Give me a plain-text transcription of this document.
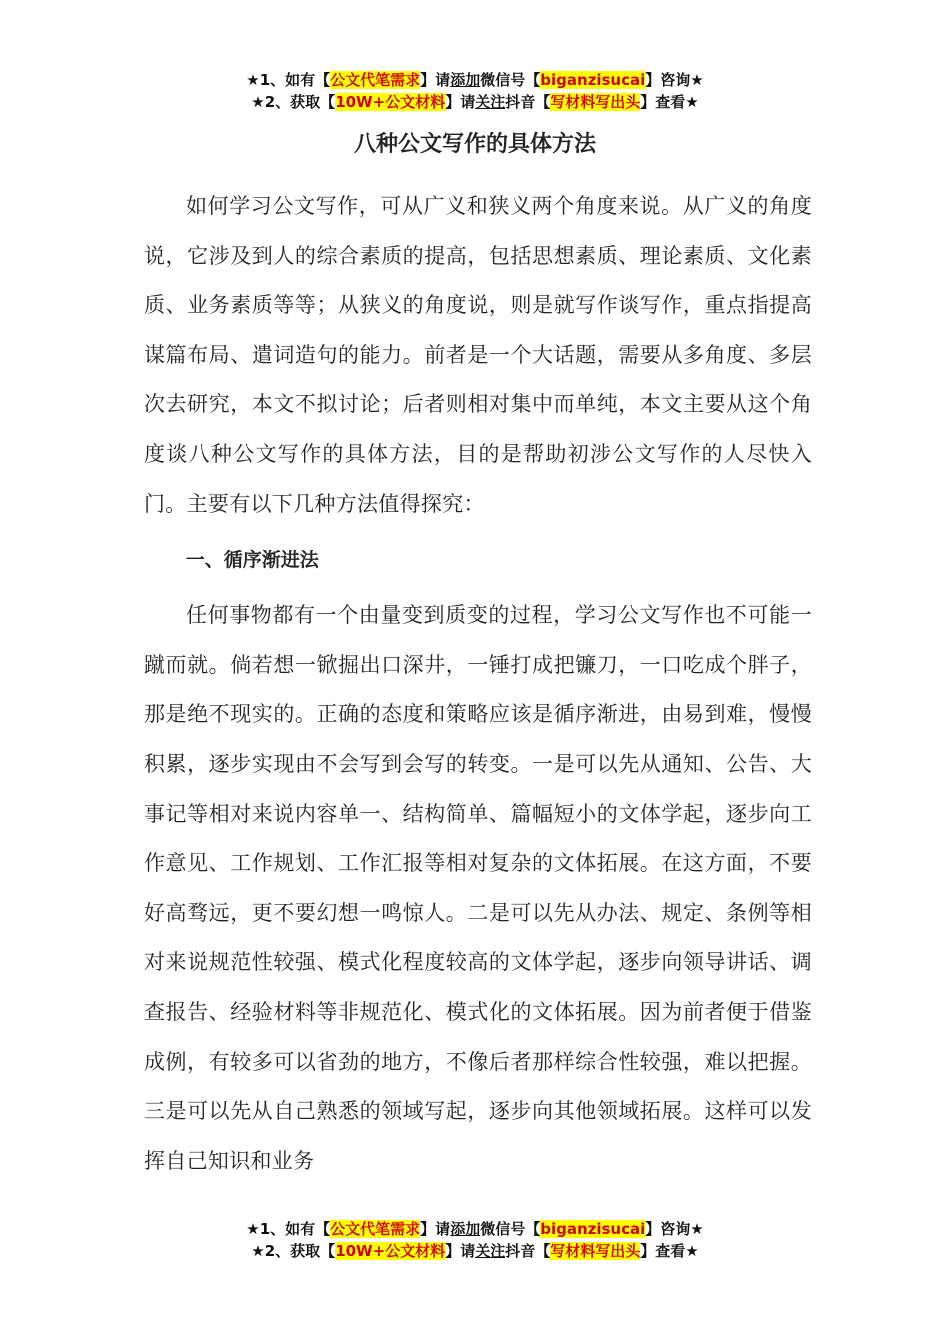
★1、如有【公文代笔需求】请添加微信号【biganzisucai】咨询★
★2、获取【10W+公文材料】请关注抖音【写材料写出头】查看★
八种公文写作的具体方法

如何学习公文写作，可从广义和狭义两个角度来说。从广义的角度说，它涉及到人的综合素质的提高，包括思想素质、理论素质、文化素质、业务素质等等；从狭义的角度说，则是就写作谈写作，重点指提高谋篇布局、遣词造句的能力。前者是一个大话题，需要从多角度、多层次去研究，本文不拟讨论；后者则相对集中而单纯，本文主要从这个角度谈八种公文写作的具体方法，目的是帮助初涉公文写作的人尽快入门。主要有以下几种方法值得探究：

一、循序渐进法

任何事物都有一个由量变到质变的过程，学习公文写作也不可能一蹴而就。倘若想一锨掘出口深井，一锤打成把镰刀，一口吃成个胖子，那是绝不现实的。正确的态度和策略应该是循序渐进，由易到难，慢慢积累，逐步实现由不会写到会写的转变。一是可以先从通知、公告、大事记等相对来说内容单一、结构简单、篇幅短小的文体学起，逐步向工作意见、工作规划、工作汇报等相对复杂的文体拓展。在这方面，不要好高骛远，更不要幻想一鸣惊人。二是可以先从办法、规定、条例等相对来说规范性较强、模式化程度较高的文体学起，逐步向领导讲话、调查报告、经验材料等非规范化、模式化的文体拓展。因为前者便于借鉴成例，有较多可以省劲的地方，不像后者那样综合性较强，难以把握。三是可以先从自己熟悉的领域写起，逐步向其他领域拓展。这样可以发挥自己知识和业务

★1、如有【公文代笔需求】请添加微信号【biganzisucai】咨询★
★2、获取【10W+公文材料】请关注抖音【写材料写出头】查看★
